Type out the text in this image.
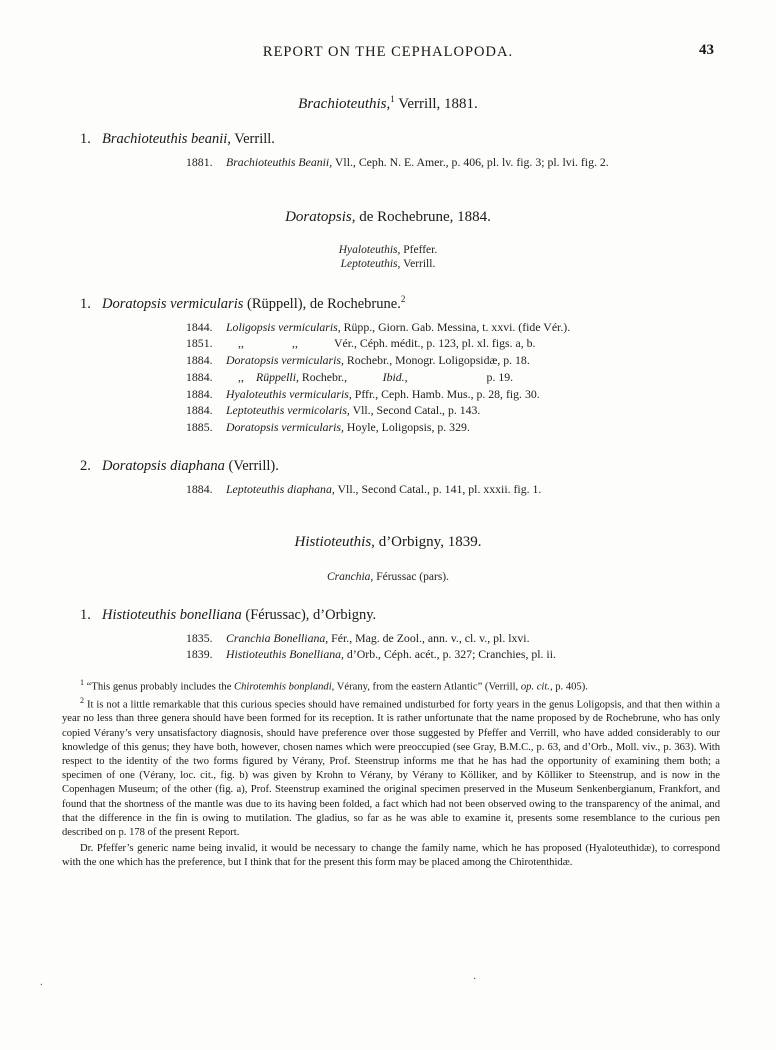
REPORT ON THE CEPHALOPODA.	43
Brachioteuthis,$^1$ Verrill, 1881.
1. Brachioteuthis beanii, Verrill.
1881. Brachioteuthis Beanii, Vll., Ceph. N. E. Amer., p. 406, pl. lv. fig. 3; pl. lvi. fig. 2.
Doratopsis, de Rochebrune, 1884.
Hyaloteuthis, Pfeffer.
Leptoteuthis, Verrill.
1. Doratopsis vermicularis (Rüppell), de Rochebrune.$^2$
1844. Loligopsis vermicularis, Rüpp., Giorn. Gab. Messina, t. xxvi. (fide Vér.).
1851. ,,	,,	Vér., Céph. médit., p. 123, pl. xl. figs. a, b.
1884. Doratopsis vermicularis, Rochebr., Monogr. Loligopsidæ, p. 18.
1884. ,, Rüppelli, Rochebr.,	Ibid.,	p. 19.
1884. Hyaloteuthis vermicularis, Pffr., Ceph. Hamb. Mus., p. 28, fig. 30.
1884. Leptoteuthis vermicolaris, Vll., Second Catal., p. 143.
1885. Doratopsis vermicularis, Hoyle, Loligopsis, p. 329.
2. Doratopsis diaphana (Verrill).
1884. Leptoteuthis diaphana, Vll., Second Catal., p. 141, pl. xxxii. fig. 1.
Histioteuthis, d’Orbigny, 1839.
Cranchia, Férussac (pars).
1. Histioteuthis bonelliana (Férussac), d’Orbigny.
1835. Cranchia Bonelliana, Fér., Mag. de Zool., ann. v., cl. v., pl. lxvi.
1839. Histioteuthis Bonelliana, d’Orb., Céph. acét., p. 327; Cranchies, pl. ii.
$^1$ “This genus probably includes the Chirotemhis bonplandi, Vérany, from the eastern Atlantic” (Verrill, op. cit., p. 405).
$^2$ It is not a little remarkable that this curious species should have remained undisturbed for forty years in the genus Loligopsis, and that then within a year no less than three genera should have been formed for its reception. It is rather unfortunate that the name proposed by de Rochebrune, who has only copied Vérany’s very unsatisfactory diagnosis, should have preference over those suggested by Pfeffer and Verrill, who have added considerably to our knowledge of this genus; they have both, however, chosen names which were preoccupied (see Gray, B.M.C., p. 63, and d’Orb., Moll. viv., p. 363). With respect to the identity of the two forms figured by Vérany, Prof. Steenstrup informs me that he has had the opportunity of examining them both; a specimen of one (Vérany, loc. cit., fig. b) was given by Krohn to Vérany, by Vérany to Kölliker, and by Kölliker to Steenstrup, and is now in the Copenhagen Museum; of the other (fig. a), Prof. Steenstrup examined the original specimen preserved in the Museum Senkenbergianum, Frankfort, and found that the shortness of the mantle was due to its having been folded, a fact which had not been observed owing to the transparency of the animal, and that the difference in the fin is owing to mutilation. The gladius, so far as he was able to examine it, presents some resemblance to the curious pen described on p. 178 of the present Report.
Dr. Pfeffer’s generic name being invalid, it would be necessary to change the family name, which he has proposed (Hyaloteuthidæ), to correspond with the one which has the preference, but I think that for the present this form may be placed among the Chirotenthidæ.
.	.
